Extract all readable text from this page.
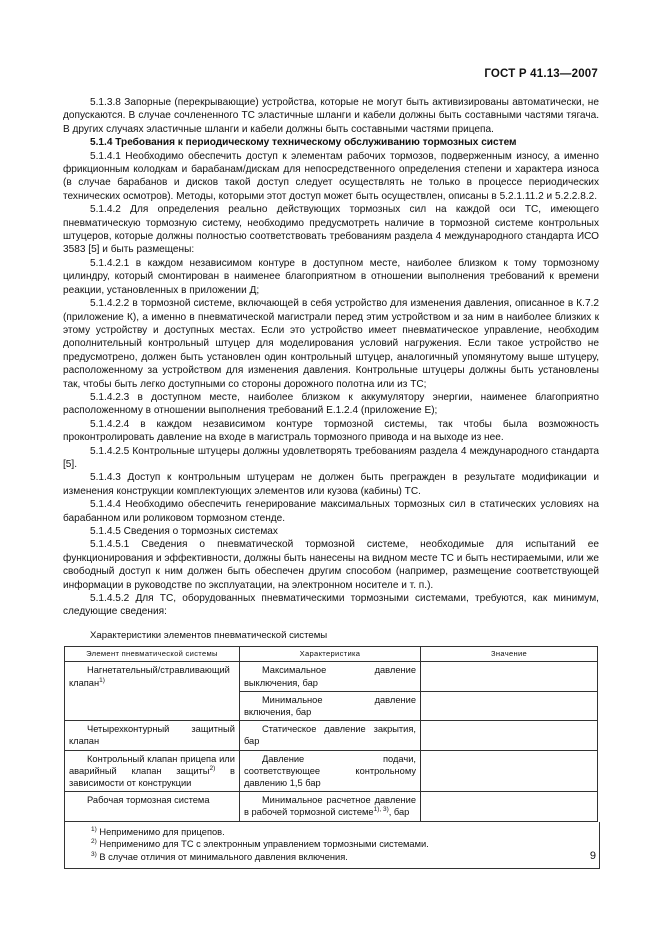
ГОСТ Р 41.13—2007

5.1.3.8 Запорные (перекрывающие) устройства, которые не могут быть активизированы автоматически, не допускаются. В случае сочлененного ТС эластичные шланги и кабели должны быть составными частями тягача. В других случаях эластичные шланги и кабели должны быть составными частями прицепа.

5.1.4 Требования к периодическому техническому обслуживанию тормозных систем

5.1.4.1 Необходимо обеспечить доступ к элементам рабочих тормозов, подверженным износу, а именно фрикционным колодкам и барабанам/дискам для непосредственного определения степени и характера износа (в случае барабанов и дисков такой доступ следует осуществлять не только в процессе периодических технических осмотров). Методы, которыми этот доступ может быть осуществлен, описаны в 5.2.1.11.2 и 5.2.2.8.2.

5.1.4.2 Для определения реально действующих тормозных сил на каждой оси ТС, имеющего пневматическую тормозную систему, необходимо предусмотреть наличие в тормозной системе контрольных штуцеров, которые должны полностью соответствовать требованиям раздела 4 международного стандарта ИСО 3583 [5] и быть размещены:

5.1.4.2.1 в каждом независимом контуре в доступном месте, наиболее близком к тому тормозному цилиндру, который смонтирован в наименее благоприятном в отношении выполнения требований к времени реакции, установленных в приложении Д;

5.1.4.2.2 в тормозной системе, включающей в себя устройство для изменения давления, описанное в К.7.2 (приложение К), а именно в пневматической магистрали перед этим устройством и за ним в наиболее близких к этому устройству и доступных местах. Если это устройство имеет пневматическое управление, необходим дополнительный контрольный штуцер для моделирования условий нагружения. Если такое устройство не предусмотрено, должен быть установлен один контрольный штуцер, аналогичный упомянутому выше штуцеру, расположенному за устройством для изменения давления. Контрольные штуцеры должны быть установлены так, чтобы быть легко доступными со стороны дорожного полотна или из ТС;

5.1.4.2.3 в доступном месте, наиболее близком к аккумулятору энергии, наименее благоприятно расположенному в отношении выполнения требований Е.1.2.4 (приложение Е);

5.1.4.2.4 в каждом независимом контуре тормозной системы, так чтобы была возможность проконтролировать давление на входе в магистраль тормозного привода и на выходе из нее.

5.1.4.2.5 Контрольные штуцеры должны удовлетворять требованиям раздела 4 международного стандарта [5].

5.1.4.3 Доступ к контрольным штуцерам не должен быть прегражден в результате модификации и изменения конструкции комплектующих элементов или кузова (кабины) ТС.

5.1.4.4 Необходимо обеспечить генерирование максимальных тормозных сил в статических условиях на барабанном или роликовом тормозном стенде.

5.1.4.5 Сведения о тормозных системах

5.1.4.5.1 Сведения о пневматической тормозной системе, необходимые для испытаний ее функционирования и эффективности, должны быть нанесены на видном месте ТС и быть нестираемыми, или же свободный доступ к ним должен быть обеспечен другим способом (например, размещение соответствующей информации в руководстве по эксплуатации, на электронном носителе и т. п.).

5.1.4.5.2 Для ТС, оборудованных пневматическими тормозными системами, требуются, как минимум, следующие сведения:

Характеристики элементов пневматической системы
Элемент пневматической системы	Характеристика	Значение
Нагнетательный/стравливающий клапан$^{1)}$	Максимальное давление выключения, бар	
	Минимальное давление включения, бар	
Четырехконтурный защитный клапан	Статическое давление закрытия, бар	
Контрольный клапан прицепа или аварийный клапан защиты$^{2)}$ в зависимости от конструкции	Давление подачи, соответствующее контрольному давлению 1,5 бар	
Рабочая тормозная система	Минимальное расчетное давление в рабочей тормозной системе$^{1), 3)}$, бар	
$^{1)}$ Неприменимо для прицепов.
$^{2)}$ Неприменимо для ТС с электронным управлением тормозными системами.
$^{3)}$ В случае отличия от минимального давления включения.	9
